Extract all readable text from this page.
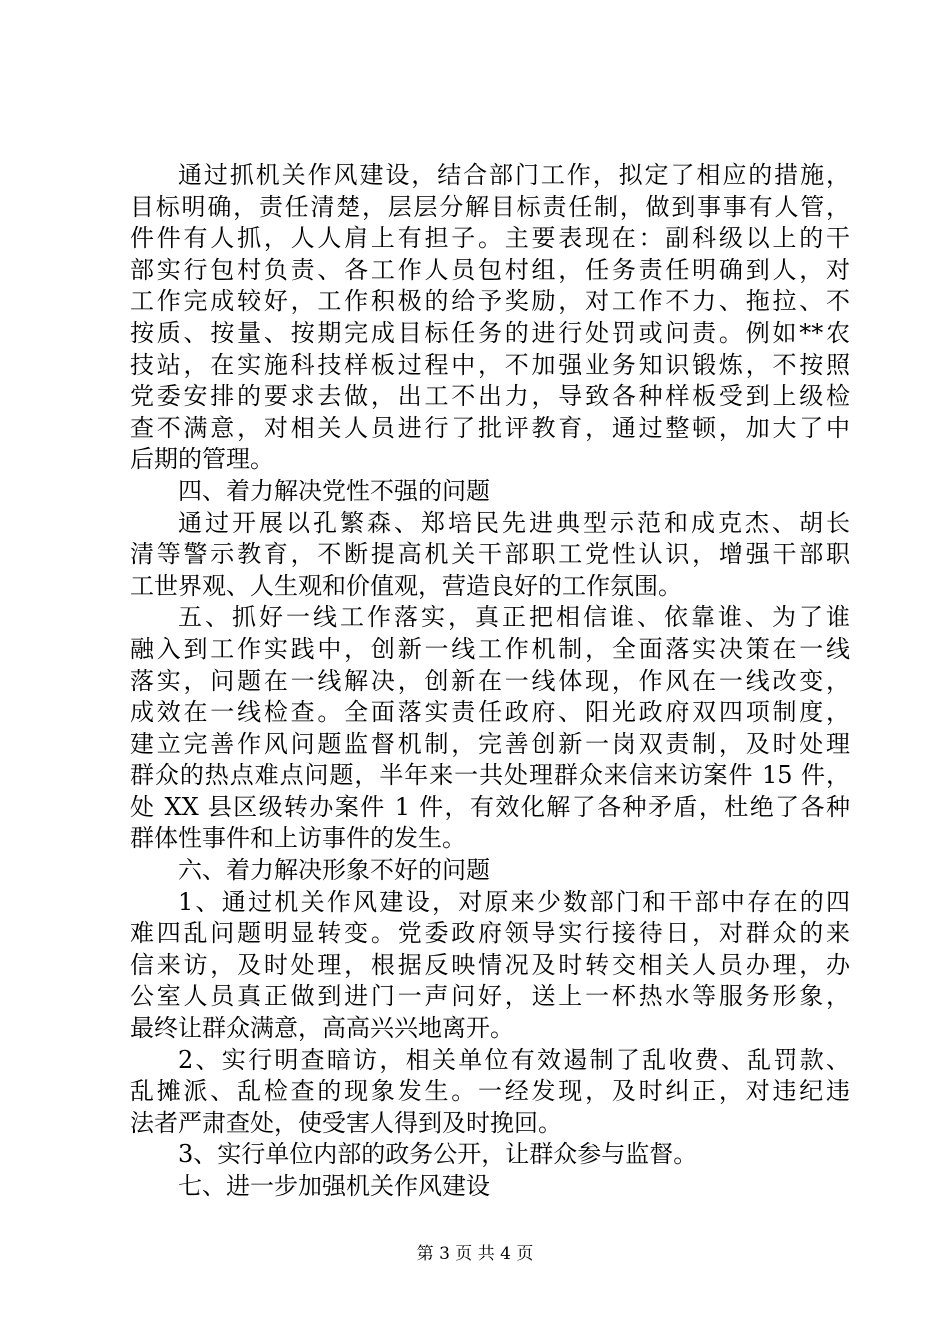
通过抓机关作风建设，结合部门工作，拟定了相应的措施，
目标明确，责任清楚，层层分解目标责任制，做到事事有人管，
件件有人抓，人人肩上有担子。主要表现在：副科级以上的干
部实行包村负责、各工作人员包村组，任务责任明确到人，对
工作完成较好，工作积极的给予奖励，对工作不力、拖拉、不
按质、按量、按期完成目标任务的进行处罚或问责。例如**农
技站，在实施科技样板过程中，不加强业务知识锻炼，不按照
党委安排的要求去做，出工不出力，导致各种样板受到上级检
查不满意，对相关人员进行了批评教育，通过整顿，加大了中
后期的管理。
四、着力解决党性不强的问题
通过开展以孔繁森、郑培民先进典型示范和成克杰、胡长
清等警示教育，不断提高机关干部职工党性认识，增强干部职
工世界观、人生观和价值观，营造良好的工作氛围。
五、抓好一线工作落实，真正把相信谁、依靠谁、为了谁
融入到工作实践中，创新一线工作机制，全面落实决策在一线
落实，问题在一线解决，创新在一线体现，作风在一线改变，
成效在一线检查。全面落实责任政府、阳光政府双四项制度，
建立完善作风问题监督机制，完善创新一岗双责制，及时处理
群众的热点难点问题，半年来一共处理群众来信来访案件 15 件，
处 XX 县区级转办案件 1 件，有效化解了各种矛盾，杜绝了各种
群体性事件和上访事件的发生。
六、着力解决形象不好的问题
1、通过机关作风建设，对原来少数部门和干部中存在的四
难四乱问题明显转变。党委政府领导实行接待日，对群众的来
信来访，及时处理，根据反映情况及时转交相关人员办理，办
公室人员真正做到进门一声问好，送上一杯热水等服务形象，
最终让群众满意，高高兴兴地离开。
2、实行明查暗访，相关单位有效遏制了乱收费、乱罚款、
乱摊派、乱检查的现象发生。一经发现，及时纠正，对违纪违
法者严肃查处，使受害人得到及时挽回。
3、实行单位内部的政务公开，让群众参与监督。
七、进一步加强机关作风建设
第 3 页 共 4 页
